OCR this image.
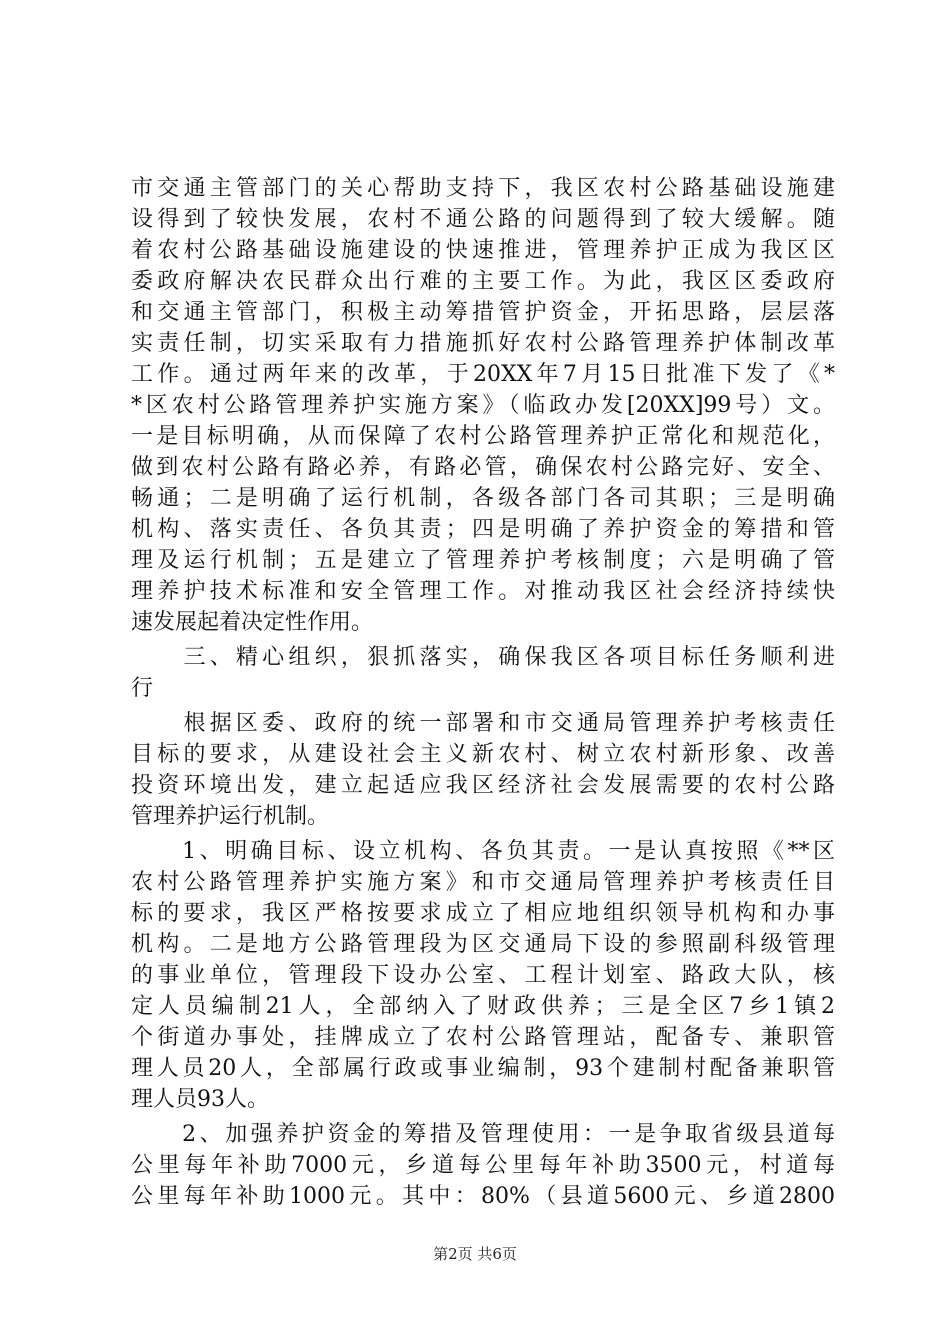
市交通主管部门的关心帮助支持下，我区农村公路基础设施建
设得到了较快发展，农村不通公路的问题得到了较大缓解。随
着农村公路基础设施建设的快速推进，管理养护正成为我区区
委政府解决农民群众出行难的主要工作。为此，我区区委政府
和交通主管部门，积极主动筹措管护资金，开拓思路，层层落
实责任制，切实采取有力措施抓好农村公路管理养护体制改革
工作。通过两年来的改革，于20XX年7月15日批准下发了《*
*区农村公路管理养护实施方案》（临政办发[20XX]99号）文。
一是目标明确，从而保障了农村公路管理养护正常化和规范化，
做到农村公路有路必养，有路必管，确保农村公路完好、安全、
畅通；二是明确了运行机制，各级各部门各司其职；三是明确
机构、落实责任、各负其责；四是明确了养护资金的筹措和管
理及运行机制；五是建立了管理养护考核制度；六是明确了管
理养护技术标准和安全管理工作。对推动我区社会经济持续快
速发展起着决定性作用。
　　三、精心组织，狠抓落实，确保我区各项目标任务顺利进
行
　　根据区委、政府的统一部署和市交通局管理养护考核责任
目标的要求，从建设社会主义新农村、树立农村新形象、改善
投资环境出发，建立起适应我区经济社会发展需要的农村公路
管理养护运行机制。
　　1、明确目标、设立机构、各负其责。一是认真按照《**区
农村公路管理养护实施方案》和市交通局管理养护考核责任目
标的要求，我区严格按要求成立了相应地组织领导机构和办事
机构。二是地方公路管理段为区交通局下设的参照副科级管理
的事业单位，管理段下设办公室、工程计划室、路政大队，核
定人员编制21人，全部纳入了财政供养；三是全区7乡1镇2
个街道办事处，挂牌成立了农村公路管理站，配备专、兼职管
理人员20人，全部属行政或事业编制，93个建制村配备兼职管
理人员93人。
　　2、加强养护资金的筹措及管理使用：一是争取省级县道每
公里每年补助7000元，乡道每公里每年补助3500元，村道每
公里每年补助1000元。其中：80%（县道5600元、乡道2800
第2页 共6页
